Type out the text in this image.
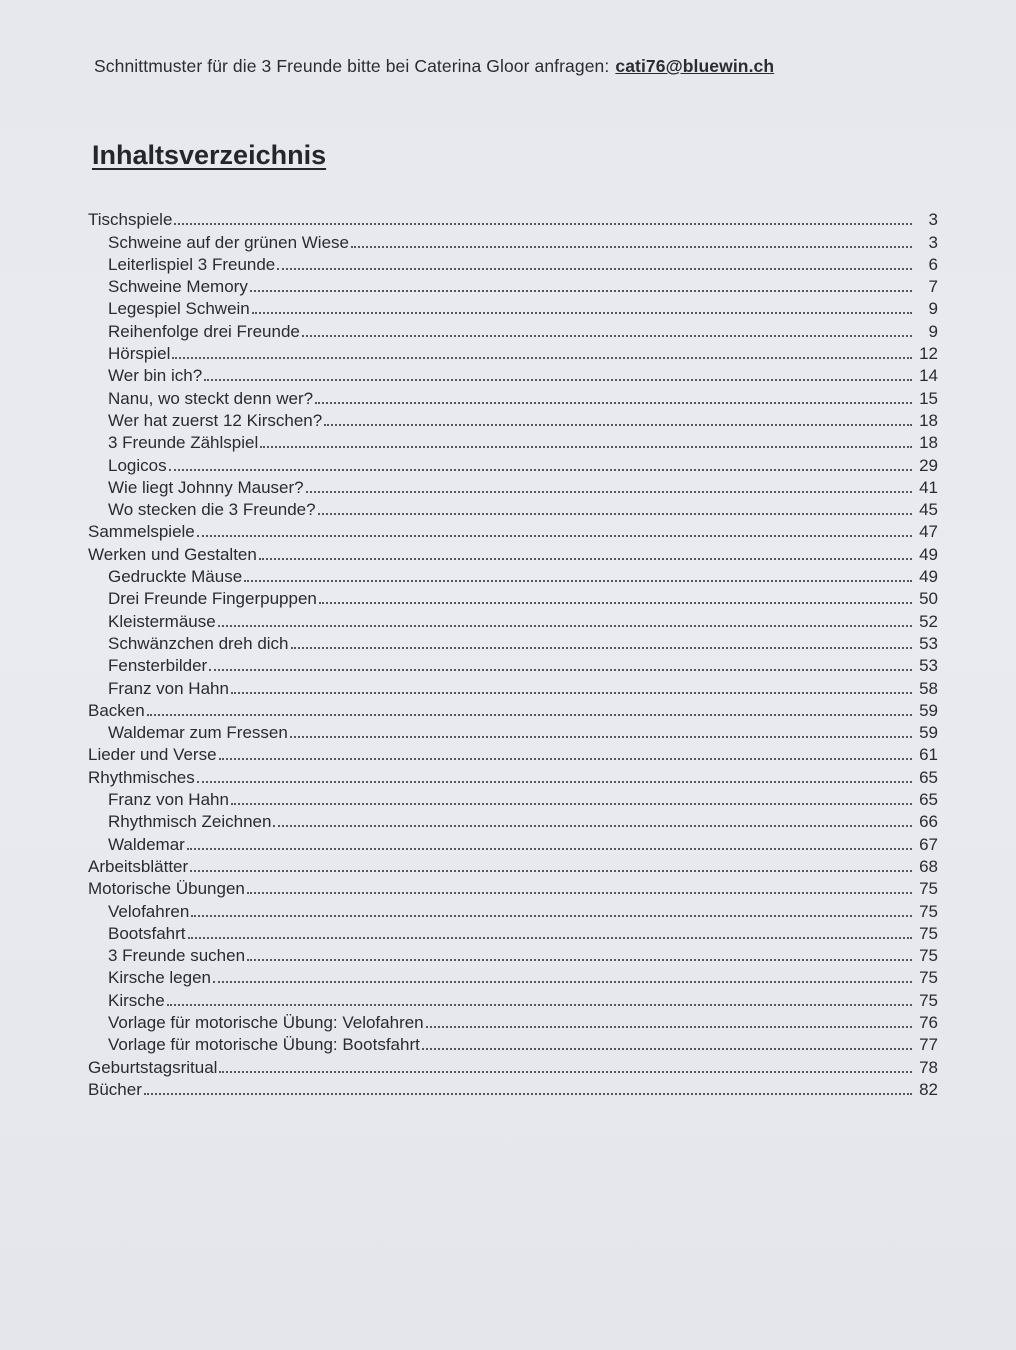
Schnittmuster für die 3 Freunde bitte bei Caterina Gloor anfragen: cati76@bluewin.ch
Inhaltsverzeichnis
Tischspiele	3
Schweine auf der grünen Wiese	3
Leiterlispiel 3 Freunde	6
Schweine Memory	7
Legespiel Schwein	9
Reihenfolge drei Freunde	9
Hörspiel	12
Wer bin ich?	14
Nanu, wo steckt denn wer?	15
Wer hat zuerst 12 Kirschen?	18
3 Freunde Zählspiel	18
Logicos	29
Wie liegt Johnny Mauser?	41
Wo stecken die 3 Freunde?	45
Sammelspiele	47
Werken und Gestalten	49
Gedruckte Mäuse	49
Drei Freunde Fingerpuppen	50
Kleistermäuse	52
Schwänzchen dreh dich	53
Fensterbilder	53
Franz von Hahn	58
Backen	59
Waldemar zum Fressen	59
Lieder und Verse	61
Rhythmisches	65
Franz von Hahn	65
Rhythmisch Zeichnen	66
Waldemar	67
Arbeitsblätter	68
Motorische Übungen	75
Velofahren	75
Bootsfahrt	75
3 Freunde suchen	75
Kirsche legen	75
Kirsche	75
Vorlage für motorische Übung: Velofahren	76
Vorlage für motorische Übung: Bootsfahrt	77
Geburtstagsritual	78
Bücher	82
